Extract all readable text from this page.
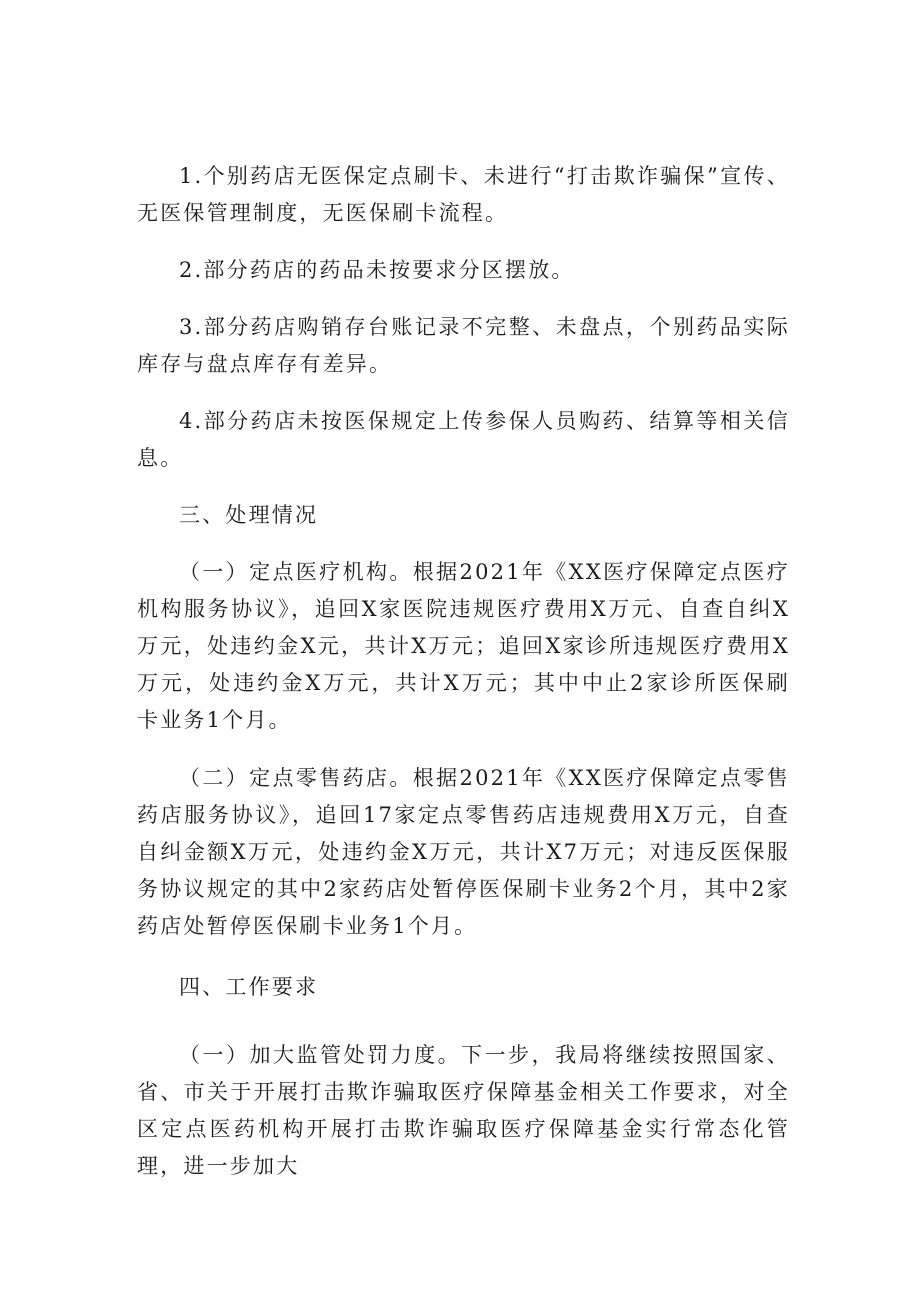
1.个别药店无医保定点刷卡、未进行“打击欺诈骗保”宣传、无医保管理制度，无医保刷卡流程。

2.部分药店的药品未按要求分区摆放。

3.部分药店购销存台账记录不完整、未盘点，个别药品实际库存与盘点库存有差异。

4.部分药店未按医保规定上传参保人员购药、结算等相关信息。

三、处理情况

（一）定点医疗机构。根据2021年《XX医疗保障定点医疗机构服务协议》，追回X家医院违规医疗费用X万元、自查自纠X万元，处违约金X元，共计X万元；追回X家诊所违规医疗费用X万元，处违约金X万元，共计X万元；其中中止2家诊所医保刷卡业务1个月。

（二）定点零售药店。根据2021年《XX医疗保障定点零售药店服务协议》，追回17家定点零售药店违规费用X万元，自查自纠金额X万元，处违约金X万元，共计X7万元；对违反医保服务协议规定的其中2家药店处暂停医保刷卡业务2个月，其中2家药店处暂停医保刷卡业务1个月。

四、工作要求

（一）加大监管处罚力度。下一步，我局将继续按照国家、省、市关于开展打击欺诈骗取医疗保障基金相关工作要求，对全区定点医药机构开展打击欺诈骗取医疗保障基金实行常态化管理，进一步加大
